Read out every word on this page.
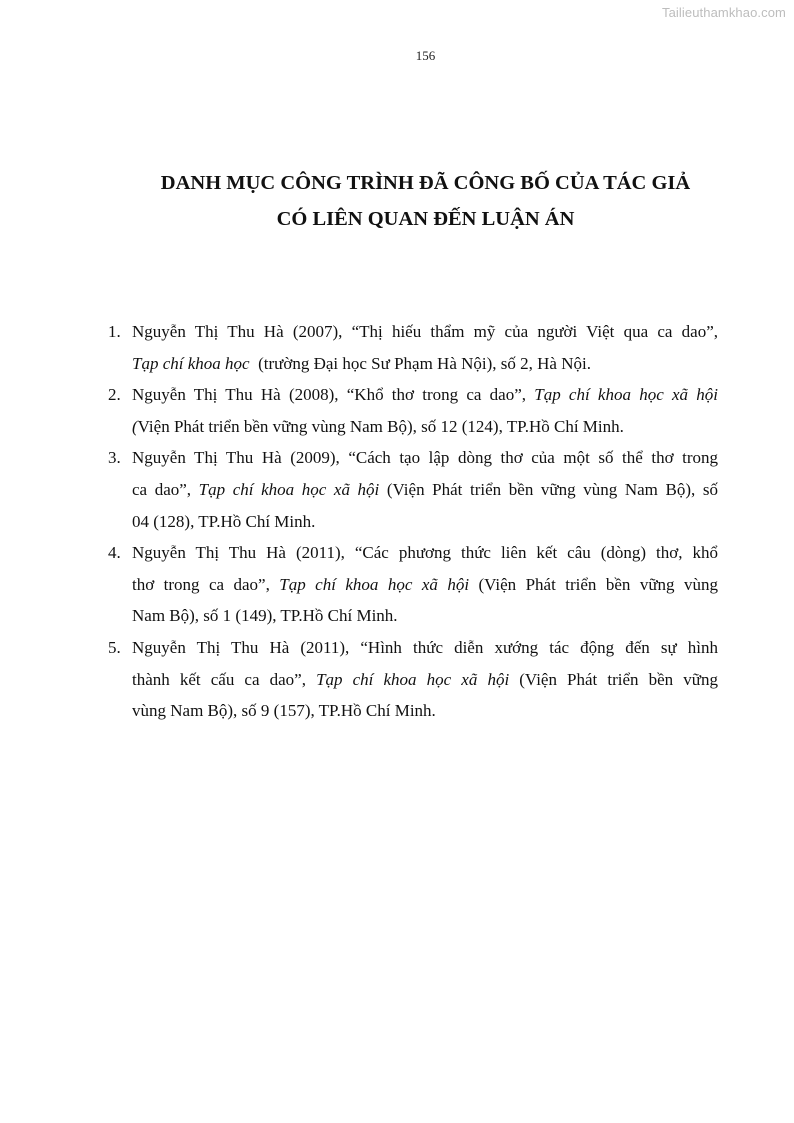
Tailieuthamkhao.com
156
DANH MỤC CÔNG TRÌNH ĐÃ CÔNG BỐ CỦA TÁC GIẢ
CÓ LIÊN QUAN ĐẾN LUẬN ÁN
1. Nguyễn Thị Thu Hà (2007), “Thị hiếu thẩm mỹ của người Việt qua ca dao”,
Tạp chí khoa học  (trường Đại học Sư Phạm Hà Nội), số 2, Hà Nội.
2. Nguyễn Thị Thu Hà (2008), “Khổ thơ trong ca dao”, Tạp chí khoa học xã hội
(Viện Phát triển bền vững vùng Nam Bộ), số 12 (124), TP.Hồ Chí Minh.
3. Nguyễn Thị Thu Hà (2009), “Cách tạo lập dòng thơ của một số thể thơ trong
ca dao”, Tạp chí khoa học xã hội (Viện Phát triển bền vững vùng Nam Bộ), số
04 (128), TP.Hồ Chí Minh.
4. Nguyễn Thị Thu Hà (2011), “Các phương thức liên kết câu (dòng) thơ, khổ
thơ trong ca dao”, Tạp chí khoa học xã hội (Viện Phát triển bền vững vùng
Nam Bộ), số 1 (149), TP.Hồ Chí Minh.
5. Nguyễn Thị Thu Hà (2011), “Hình thức diễn xướng tác động đến sự hình
thành kết cấu ca dao”, Tạp chí khoa học xã hội (Viện Phát triển bền vững
vùng Nam Bộ), số 9 (157), TP.Hồ Chí Minh.
